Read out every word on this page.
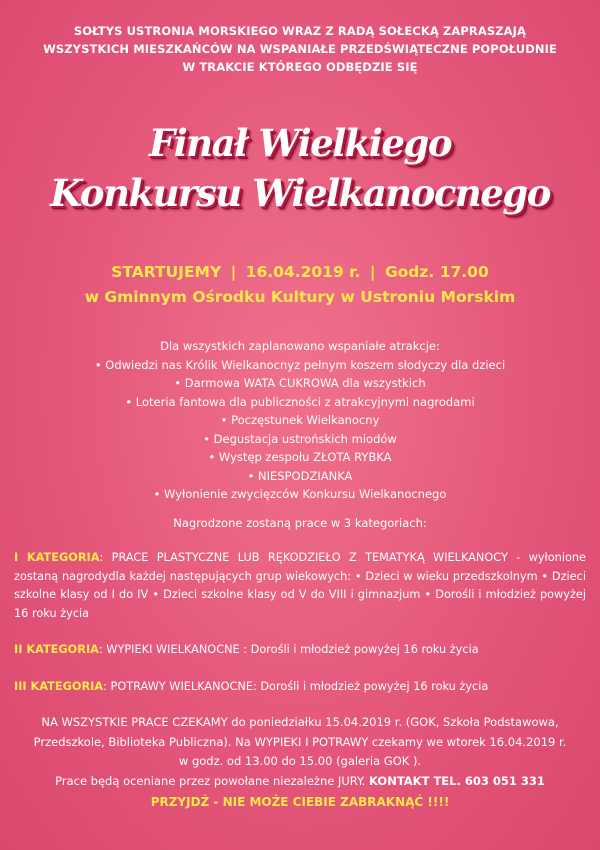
SOŁTYS USTRONIA MORSKIEGO WRAZ Z RADĄ SOŁECKĄ ZAPRASZAJĄ
WSZYSTKICH MIESZKAŃCÓW NA WSPANIAŁE PRZEDŚWIĄTECZNE POPOŁUDNIE
W TRAKCIE KTÓREGO ODBĘDZIE SIĘ
Finał Wielkiego
Konkursu Wielkanocnego
STARTUJEMY | 16.04.2019 r. | Godz. 17.00
w Gminnym Ośrodku Kultury w Ustroniu Morskim
Dla wszystkich zaplanowano wspaniałe atrakcje:
• Odwiedzi nas Królik Wielkanocnyz pełnym koszem słodyczy dla dzieci
• Darmowa WATA CUKROWA dla wszystkich
• Loteria fantowa dla publiczności z atrakcyjnymi nagrodami
• Poczęstunek Wielkanocny
• Degustacja ustrońskich miodów
• Występ zespołu ZŁOTA RYBKA
• NIESPODZIANKA
• Wyłonienie zwycięzców Konkursu Wielkanocnego
Nagrodzone zostaną prace w 3 kategoriach:
I KATEGORIA: PRACE PLASTYCZNE LUB RĘKODZIEŁO Z TEMATYKĄ WIELKANOCY - wyłonione zostaną nagrodydla każdej następujących grup wiekowych: • Dzieci w wieku przedszkolnym • Dzieci szkolne klasy od I do IV • Dzieci szkolne klasy od V do VIII i gimnazjum • Dorośli i młodzież powyżej 16 roku życia
II KATEGORIA: WYPIEKI WIELKANOCNE : Dorośli i młodzież powyżej 16 roku życia
III KATEGORIA: POTRAWY WIELKANOCNE: Dorośli i młodzież powyżej 16 roku życia
NA WSZYSTKIE PRACE CZEKAMY do poniedziałku 15.04.2019 r. (GOK, Szkoła Podstawowa,
Przedszkole, Biblioteka Publiczna). Na WYPIEKI I POTRAWY czekamy we wtorek 16.04.2019 r.
w godz. od 13.00 do 15.00 (galeria GOK ).
Prace będą oceniane przez powołane niezależne JURY. KONTAKT TEL. 603 051 331
PRZYJDŹ - NIE MOŻE CIEBIE ZABRAKNĄĆ !!!!
